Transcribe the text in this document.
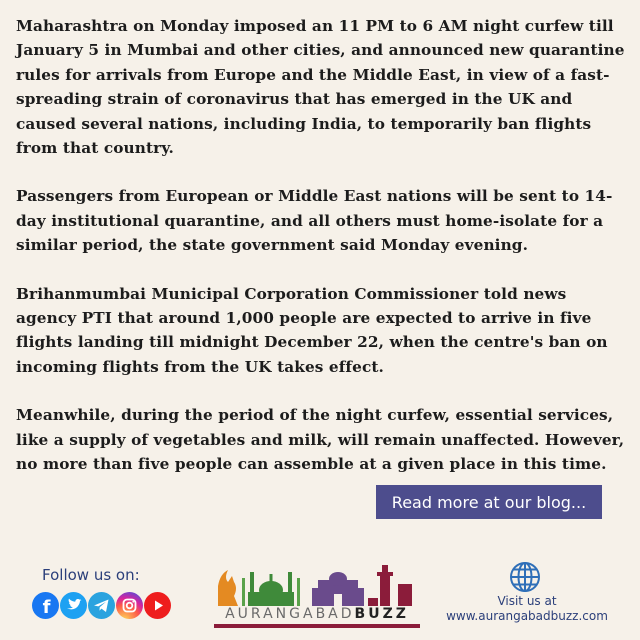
Maharashtra on Monday imposed an 11 PM to 6 AM night curfew till January 5 in Mumbai and other cities, and announced new quarantine rules for arrivals from Europe and the Middle East, in view of a fast-spreading strain of coronavirus that has emerged in the UK and caused several nations, including India, to temporarily ban flights from that country.

Passengers from European or Middle East nations will be sent to 14-day institutional quarantine, and all others must home-isolate for a similar period, the state government said Monday evening.

Brihanmumbai Municipal Corporation Commissioner told news agency PTI that around 1,000 people are expected to arrive in five flights landing till midnight December 22, when the centre's ban on incoming flights from the UK takes effect.

Meanwhile, during the period of the night curfew, essential services, like a supply of vegetables and milk, will remain unaffected. However, no more than five people can assemble at a given place in this time.

Read more at our blog...
Follow us on:
f	AURANGABADBUZZ
Visit us at
www.aurangabadbuzz.com
